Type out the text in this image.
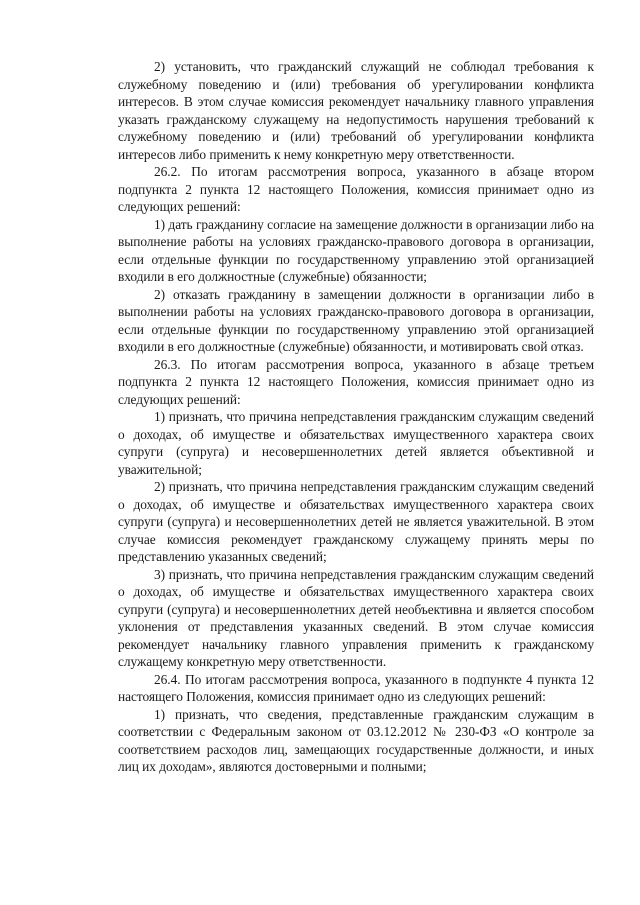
2) установить, что гражданский служащий не соблюдал требования к служебному поведению и (или) требования об урегулировании конфликта интересов. В этом случае комиссия рекомендует начальнику главного управления указать гражданскому служащему на недопустимость нарушения требований к служебному поведению и (или) требований об урегулировании конфликта интересов либо применить к нему конкретную меру ответственности.

26.2. По итогам рассмотрения вопроса, указанного в абзаце втором подпункта 2 пункта 12 настоящего Положения, комиссия принимает одно из следующих решений:

1) дать гражданину согласие на замещение должности в организации либо на выполнение работы на условиях гражданско-правового договора в организации, если отдельные функции по государственному управлению этой организацией входили в его должностные (служебные) обязанности;

2) отказать гражданину в замещении должности в организации либо в выполнении работы на условиях гражданско-правового договора в организации, если отдельные функции по государственному управлению этой организацией входили в его должностные (служебные) обязанности, и мотивировать свой отказ.

26.3. По итогам рассмотрения вопроса, указанного в абзаце третьем подпункта 2 пункта 12 настоящего Положения, комиссия принимает одно из следующих решений:

1) признать, что причина непредставления гражданским служащим сведений о доходах, об имуществе и обязательствах имущественного характера своих супруги (супруга) и несовершеннолетних детей является объективной и уважительной;

2) признать, что причина непредставления гражданским служащим сведений о доходах, об имуществе и обязательствах имущественного характера своих супруги (супруга) и несовершеннолетних детей не является уважительной. В этом случае комиссия рекомендует гражданскому служащему принять меры по представлению указанных сведений;

3) признать, что причина непредставления гражданским служащим сведений о доходах, об имуществе и обязательствах имущественного характера своих супруги (супруга) и несовершеннолетних детей необъективна и является способом уклонения от представления указанных сведений. В этом случае комиссия рекомендует начальнику главного управления применить к гражданскому служащему конкретную меру ответственности.

26.4. По итогам рассмотрения вопроса, указанного в подпункте 4 пункта 12 настоящего Положения, комиссия принимает одно из следующих решений:

1) признать, что сведения, представленные гражданским служащим в соответствии с Федеральным законом от 03.12.2012 № 230-ФЗ «О контроле за соответствием расходов лиц, замещающих государственные должности, и иных лиц их доходам», являются достоверными и полными;
